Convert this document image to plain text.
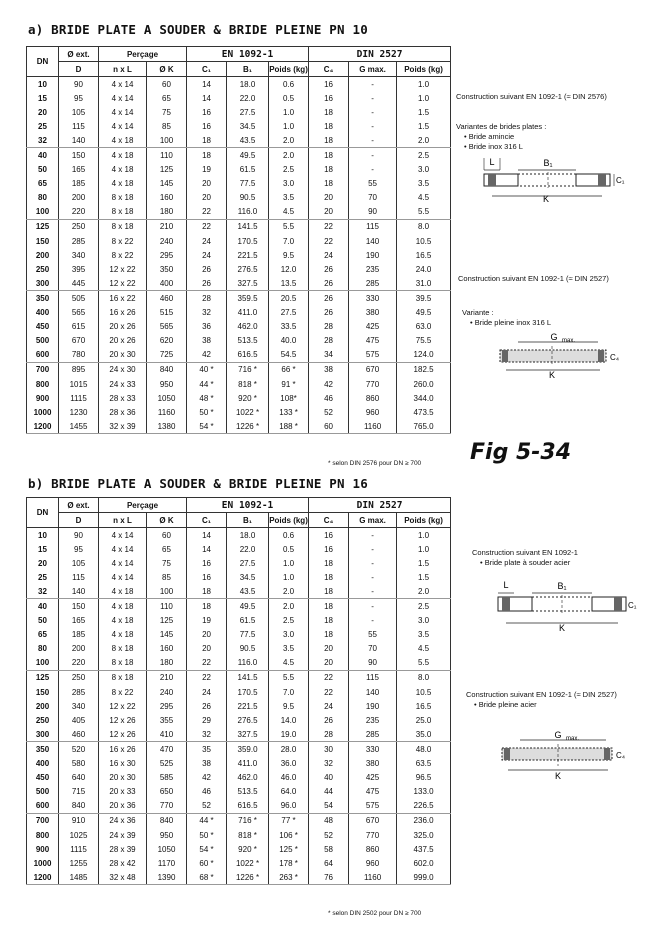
a) BRIDE PLATE A SOUDER & BRIDE PLEINE PN 10
DN	Ø ext.	Perçage		EN 1092-1			DIN 2527		
	D	n x L	Ø K	C₁	B₁	Poids (kg)	C₄	G max.	Poids (kg)
10	90	4 x 14	60	14	18.0	0.6	16	-	1.0
15	95	4 x 14	65	14	22.0	0.5	16	-	1.0
20	105	4 x 14	75	16	27.5	1.0	18	-	1.5
25	115	4 x 14	85	16	34.5	1.0	18	-	1.5
32	140	4 x 18	100	18	43.5	2.0	18	-	2.0
40	150	4 x 18	110	18	49.5	2.0	18	-	2.5
50	165	4 x 18	125	19	61.5	2.5	18	-	3.0
65	185	4 x 18	145	20	77.5	3.0	18	55	3.5
80	200	8 x 18	160	20	90.5	3.5	20	70	4.5
100	220	8 x 18	180	22	116.0	4.5	20	90	5.5
125	250	8 x 18	210	22	141.5	5.5	22	115	8.0
150	285	8 x 22	240	24	170.5	7.0	22	140	10.5
200	340	8 x 22	295	24	221.5	9.5	24	190	16.5
250	395	12 x 22	350	26	276.5	12.0	26	235	24.0
300	445	12 x 22	400	26	327.5	13.5	26	285	31.0
350	505	16 x 22	460	28	359.5	20.5	26	330	39.5
400	565	16 x 26	515	32	411.0	27.5	26	380	49.5
450	615	20 x 26	565	36	462.0	33.5	28	425	63.0
500	670	20 x 26	620	38	513.5	40.0	28	475	75.5
600	780	20 x 30	725	42	616.5	54.5	34	575	124.0
700	895	24 x 30	840	40 *	716 *	66 *	38	670	182.5
800	1015	24 x 33	950	44 *	818 *	91 *	42	770	260.0
900	1115	28 x 33	1050	48 *	920 *	108*	46	860	344.0
1000	1230	28 x 36	1160	50 *	1022 *	133 *	52	960	473.5
1200	1455	32 x 39	1380	54 *	1226 *	188 *	60	1160	765.0
* selon DIN 2576 pour DN ≥ 700
b) BRIDE PLATE A SOUDER & BRIDE PLEINE PN 16
DN	Ø ext.	Perçage		EN 1092-1			DIN 2527		
	D	n x L	Ø K	C₁	B₁	Poids (kg)	C₄	G max.	Poids (kg)
10	90	4 x 14	60	14	18.0	0.6	16	-	1.0
15	95	4 x 14	65	14	22.0	0.5	16	-	1.0
20	105	4 x 14	75	16	27.5	1.0	18	-	1.5
25	115	4 x 14	85	16	34.5	1.0	18	-	1.5
32	140	4 x 18	100	18	43.5	2.0	18	-	2.0
40	150	4 x 18	110	18	49.5	2.0	18	-	2.5
50	165	4 x 18	125	19	61.5	2.5	18	-	3.0
65	185	4 x 18	145	20	77.5	3.0	18	55	3.5
80	200	8 x 18	160	20	90.5	3.5	20	70	4.5
100	220	8 x 18	180	22	116.0	4.5	20	90	5.5
125	250	8 x 18	210	22	141.5	5.5	22	115	8.0
150	285	8 x 22	240	24	170.5	7.0	22	140	10.5
200	340	12 x 22	295	26	221.5	9.5	24	190	16.5
250	405	12 x 26	355	29	276.5	14.0	26	235	25.0
300	460	12 x 26	410	32	327.5	19.0	28	285	35.0
350	520	16 x 26	470	35	359.0	28.0	30	330	48.0
400	580	16 x 30	525	38	411.0	36.0	32	380	63.5
450	640	20 x 30	585	42	462.0	46.0	40	425	96.5
500	715	20 x 33	650	46	513.5	64.0	44	475	133.0
600	840	20 x 36	770	52	616.5	96.0	54	575	226.5
700	910	24 x 36	840	44 *	716 *	77 *	48	670	236.0
800	1025	24 x 39	950	50 *	818 *	106 *	52	770	325.0
900	1115	28 x 39	1050	54 *	920 *	125 *	58	860	437.5
1000	1255	28 x 42	1170	60 *	1022 *	178 *	64	960	602.0
1200	1485	32 x 48	1390	68 *	1226 *	263 *	76	1160	999.0
* selon DIN 2502 pour DN ≥ 700
Construction suivant EN 1092-1 (≈ DIN 2576)
Variantes de brides plates :
• Bride amincie
• Bride inox 316 L
L	B₁
C₁
K
Construction suivant EN 1092-1 (≈ DIN 2527)
Variante :
• Bride pleine inox 316 L
G max.
C₄
K
Fig 5-34
Construction suivant EN 1092-1
• Bride plate à souder acier
L	B₁
C₁
K
Construction suivant EN 1092-1 (≈ DIN 2527)
• Bride pleine acier
G max.
C₄
K
